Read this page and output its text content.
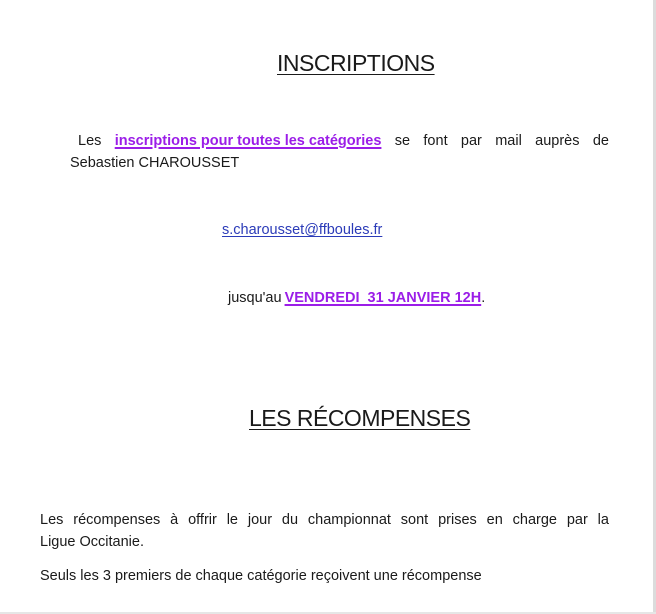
INSCRIPTIONS
Les inscriptions pour toutes les catégories se font par mail auprès de
Sebastien CHAROUSSET
s.charousset@ffboules.fr
jusqu'au VENDREDI  31 JANVIER 12H.
LES RÉCOMPENSES
Les récompenses à offrir le jour du championnat sont prises en charge par la
Ligue Occitanie.
Seuls les 3 premiers de chaque catégorie reçoivent une récompense
